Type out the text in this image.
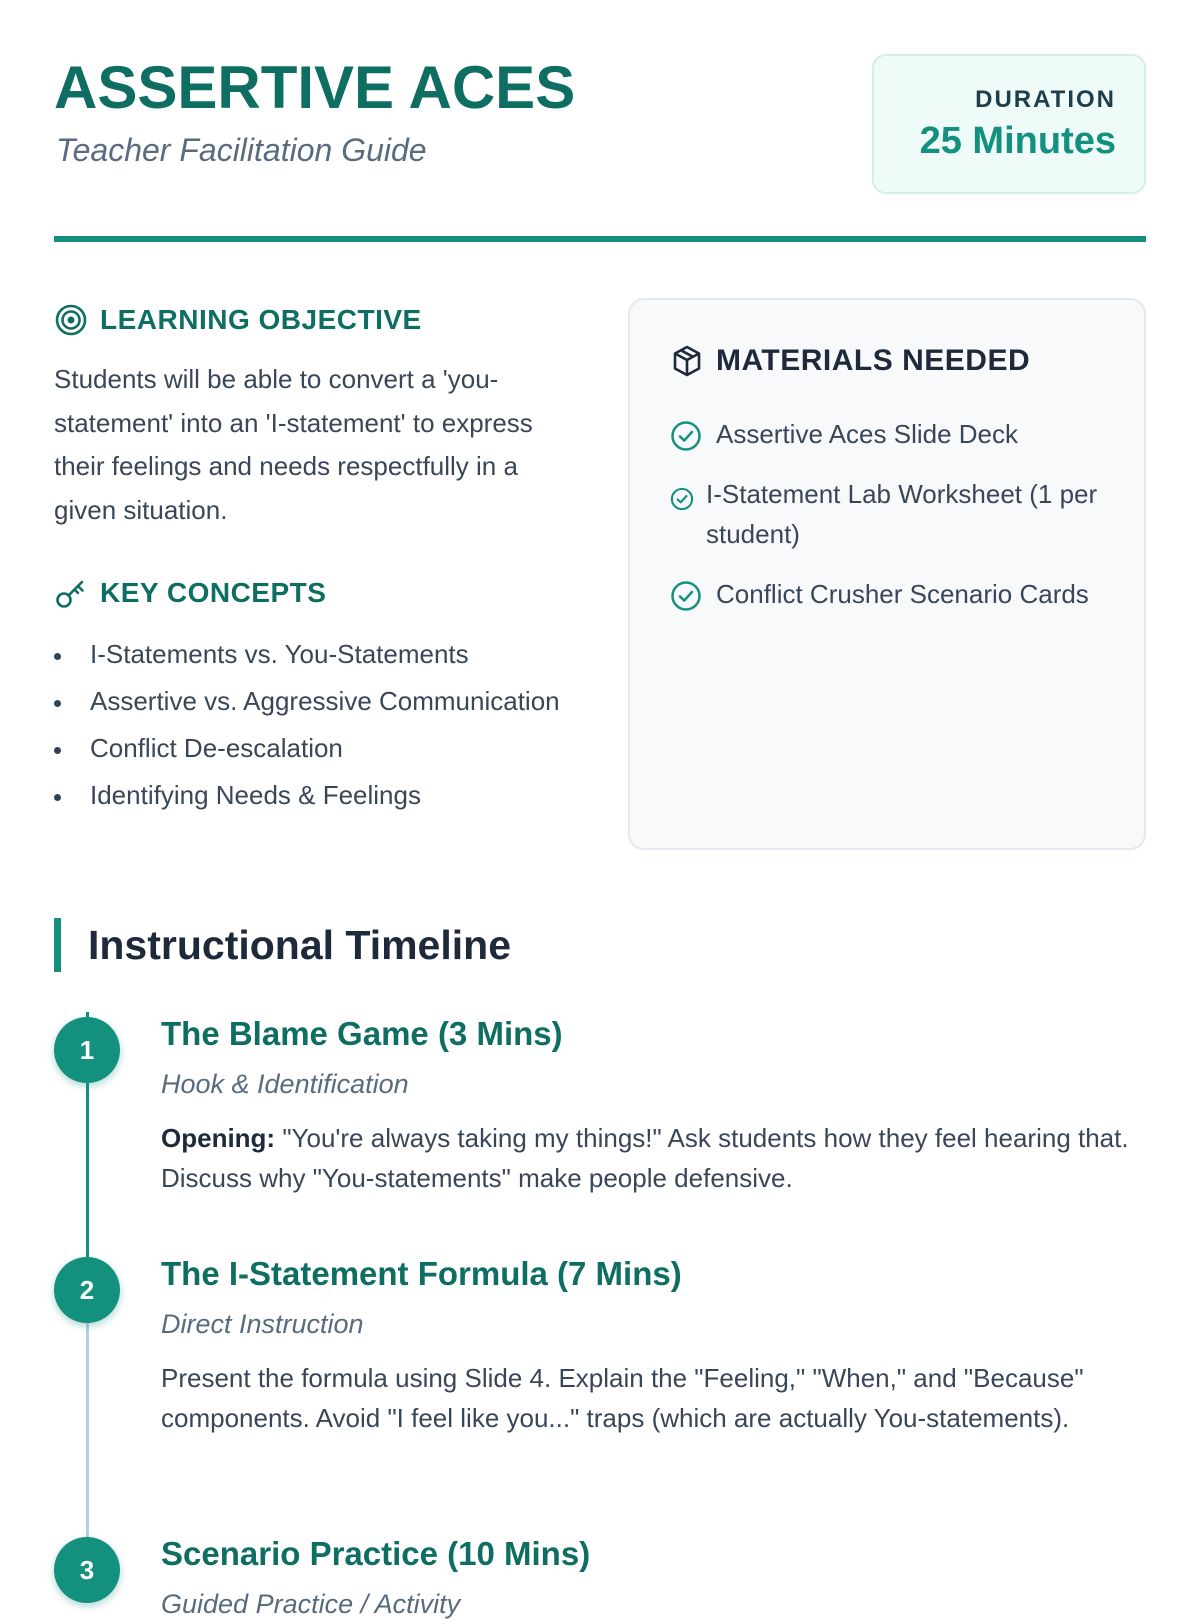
ASSERTIVE ACES
Teacher Facilitation Guide
DURATION
25 Minutes
LEARNING OBJECTIVE
Students will be able to convert a 'you-statement' into an 'I-statement' to express their feelings and needs respectfully in a given situation.
KEY CONCEPTS
I-Statements vs. You-Statements
Assertive vs. Aggressive Communication
Conflict De-escalation
Identifying Needs & Feelings
MATERIALS NEEDED
Assertive Aces Slide Deck
I-Statement Lab Worksheet (1 per student)
Conflict Crusher Scenario Cards
Instructional Timeline
1	The Blame Game (3 Mins)
Hook & Identification
Opening: "You're always taking my things!" Ask students how they feel hearing that. Discuss why "You-statements" make people defensive.
2	The I-Statement Formula (7 Mins)
Direct Instruction
Present the formula using Slide 4. Explain the "Feeling," "When," and "Because" components. Avoid "I feel like you..." traps (which are actually You-statements).
3	Scenario Practice (10 Mins)
Guided Practice / Activity
